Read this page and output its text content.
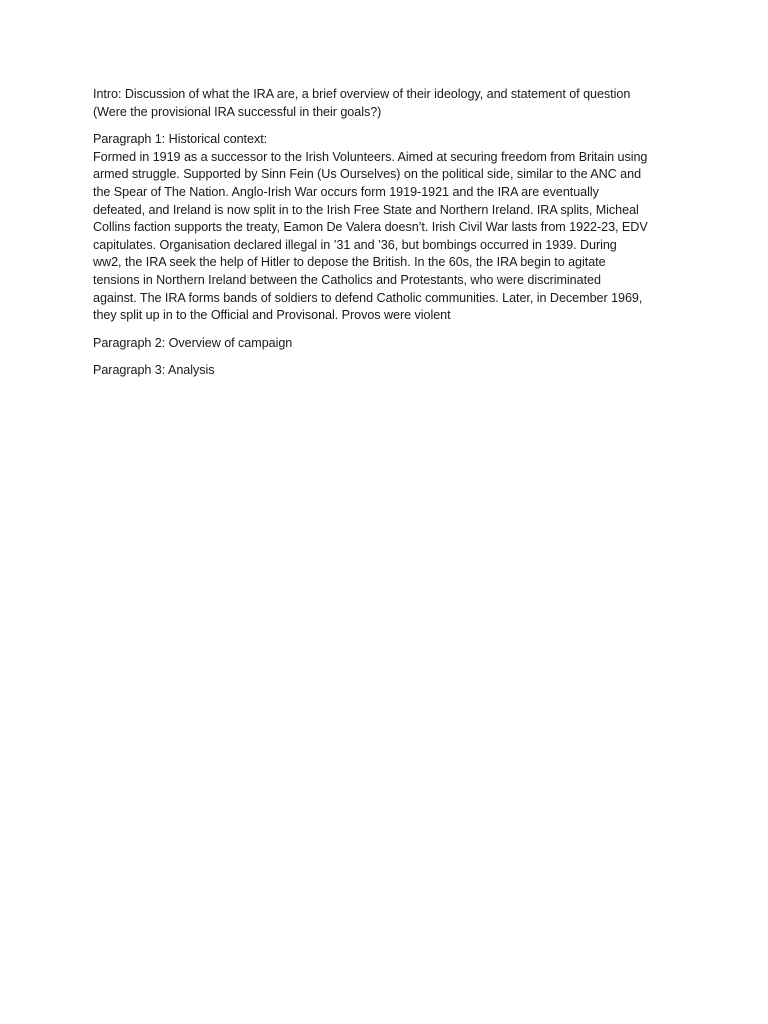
Intro: Discussion of what the IRA are, a brief overview of their ideology, and statement of question
(Were the provisional IRA successful in their goals?)
Paragraph 1: Historical context:
Formed in 1919 as a successor to the Irish Volunteers. Aimed at securing freedom from Britain using
armed struggle. Supported by Sinn Fein (Us Ourselves) on the political side, similar to the ANC and
the Spear of The Nation. Anglo-Irish War occurs form 1919-1921 and the IRA are eventually
defeated, and Ireland is now split in to the Irish Free State and Northern Ireland. IRA splits, Micheal
Collins faction supports the treaty, Eamon De Valera doesn’t. Irish Civil War lasts from 1922-23, EDV
capitulates. Organisation declared illegal in ’31 and ’36, but bombings occurred in 1939. During
ww2, the IRA seek the help of Hitler to depose the British. In the 60s, the IRA begin to agitate
tensions in Northern Ireland between the Catholics and Protestants, who were discriminated
against. The IRA forms bands of soldiers to defend Catholic communities. Later, in December 1969,
they split up in to the Official and Provisonal. Provos were violent
Paragraph 2: Overview of campaign
Paragraph 3: Analysis
